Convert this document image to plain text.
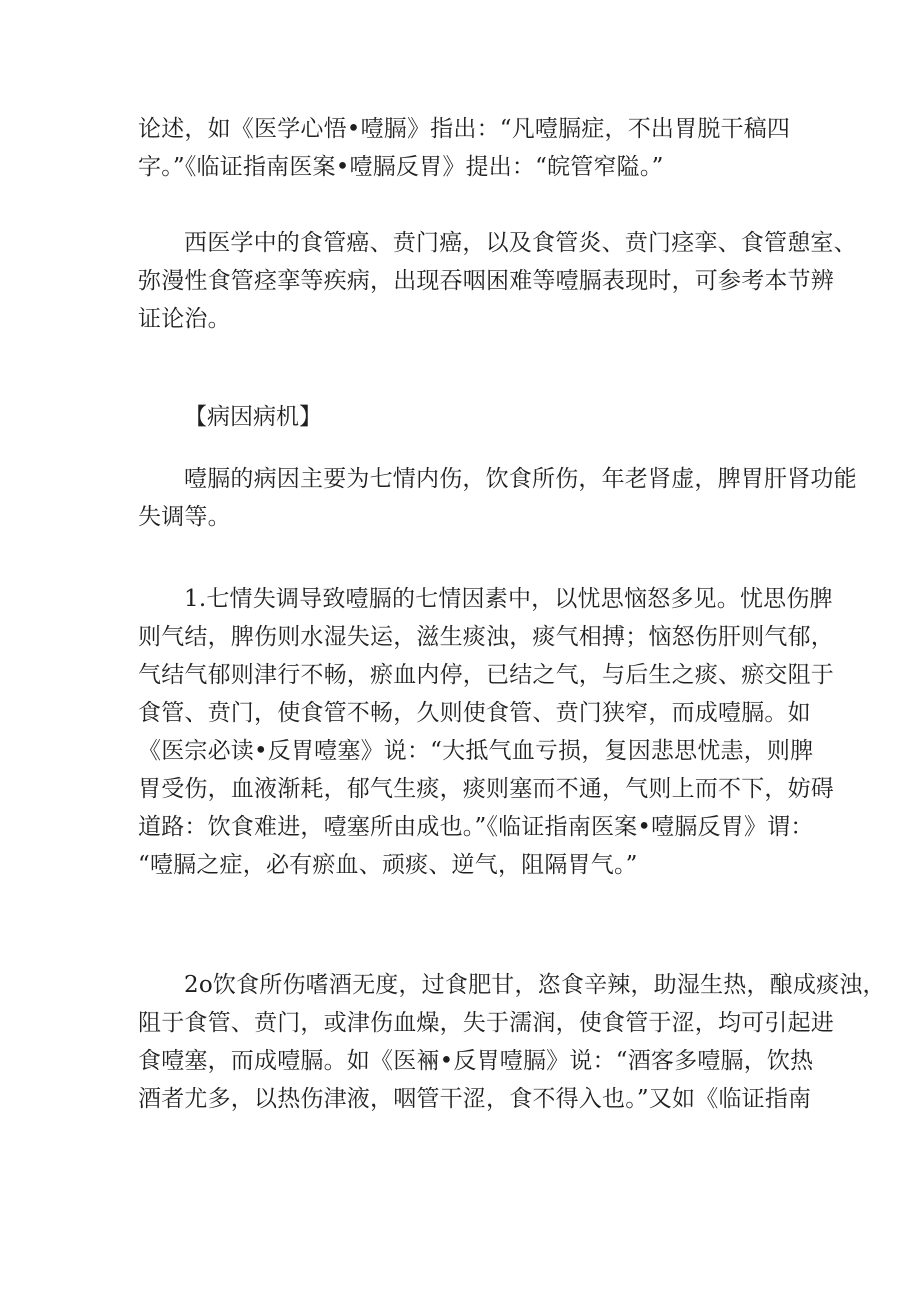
论述，如《医学心悟•噎膈》指出：“凡噎膈症，不出胃脱干稿四
字。”《临证指南医案•噎膈反胃》提出：“皖管窄隘。”

西医学中的食管癌、贲门癌，以及食管炎、贲门痉挛、食管憩室、
弥漫性食管痉挛等疾病，出现吞咽困难等噎膈表现时，可参考本节辨
证论治。

【病因病机】

噎膈的病因主要为七情内伤，饮食所伤，年老肾虚，脾胃肝肾功能
失调等。

1.七情失调导致噎膈的七情因素中，以忧思恼怒多见。忧思伤脾
则气结，脾伤则水湿失运，滋生痰浊，痰气相搏；恼怒伤肝则气郁，
气结气郁则津行不畅，瘀血内停，已结之气，与后生之痰、瘀交阻于
食管、贲门，使食管不畅，久则使食管、贲门狭窄，而成噎膈。如
《医宗必读•反胃噎塞》说：“大抵气血亏损，复因悲思忧恚，则脾
胃受伤，血液渐耗，郁气生痰，痰则塞而不通，气则上而不下，妨碍
道路：饮食难进，噎塞所由成也。”《临证指南医案•噎膈反胃》谓：
“噎膈之症，必有瘀血、顽痰、逆气，阻隔胃气。”

2o饮食所伤嗜酒无度，过食肥甘，恣食辛辣，助湿生热，酿成痰浊，
阻于食管、贲门，或津伤血燥，失于濡润，使食管于涩，均可引起进
食噎塞，而成噎膈。如《医裲•反胃噎膈》说：“酒客多噎膈，饮热
酒者尤多，以热伤津液，咽管干涩，食不得入也。”又如《临证指南
